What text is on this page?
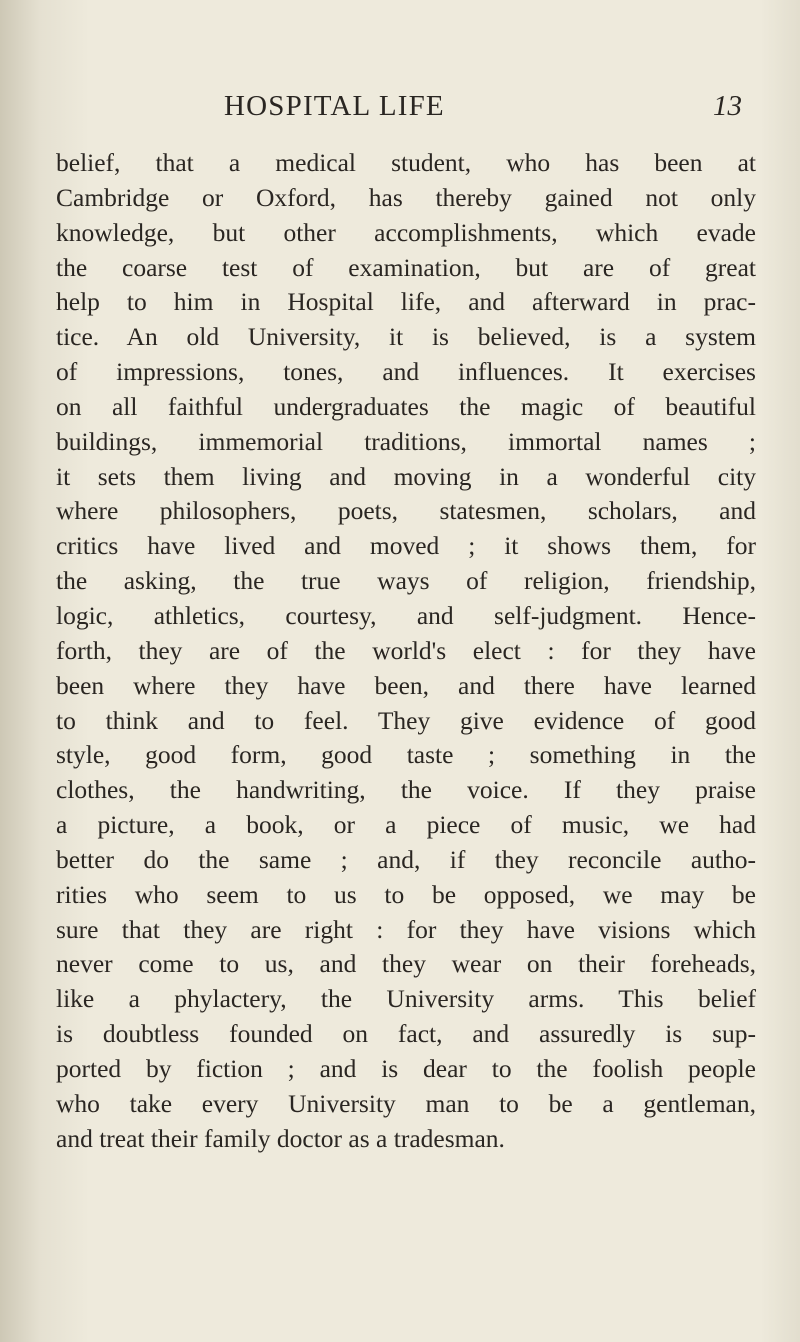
HOSPITAL LIFE	13
belief, that a medical student, who has been at
Cambridge or Oxford, has thereby gained not only
knowledge, but other accomplishments, which evade
the coarse test of examination, but are of great
help to him in Hospital life, and afterward in prac-
tice. An old University, it is believed, is a system
of impressions, tones, and influences. It exercises
on all faithful undergraduates the magic of beautiful
buildings, immemorial traditions, immortal names ;
it sets them living and moving in a wonderful city
where philosophers, poets, statesmen, scholars, and
critics have lived and moved ; it shows them, for
the asking, the true ways of religion, friendship,
logic, athletics, courtesy, and self-judgment. Hence-
forth, they are of the world's elect : for they have
been where they have been, and there have learned
to think and to feel. They give evidence of good
style, good form, good taste ; something in the
clothes, the handwriting, the voice. If they praise
a picture, a book, or a piece of music, we had
better do the same ; and, if they reconcile autho-
rities who seem to us to be opposed, we may be
sure that they are right : for they have visions which
never come to us, and they wear on their foreheads,
like a phylactery, the University arms. This belief
is doubtless founded on fact, and assuredly is sup-
ported by fiction ; and is dear to the foolish people
who take every University man to be a gentleman,
and treat their family doctor as a tradesman.
